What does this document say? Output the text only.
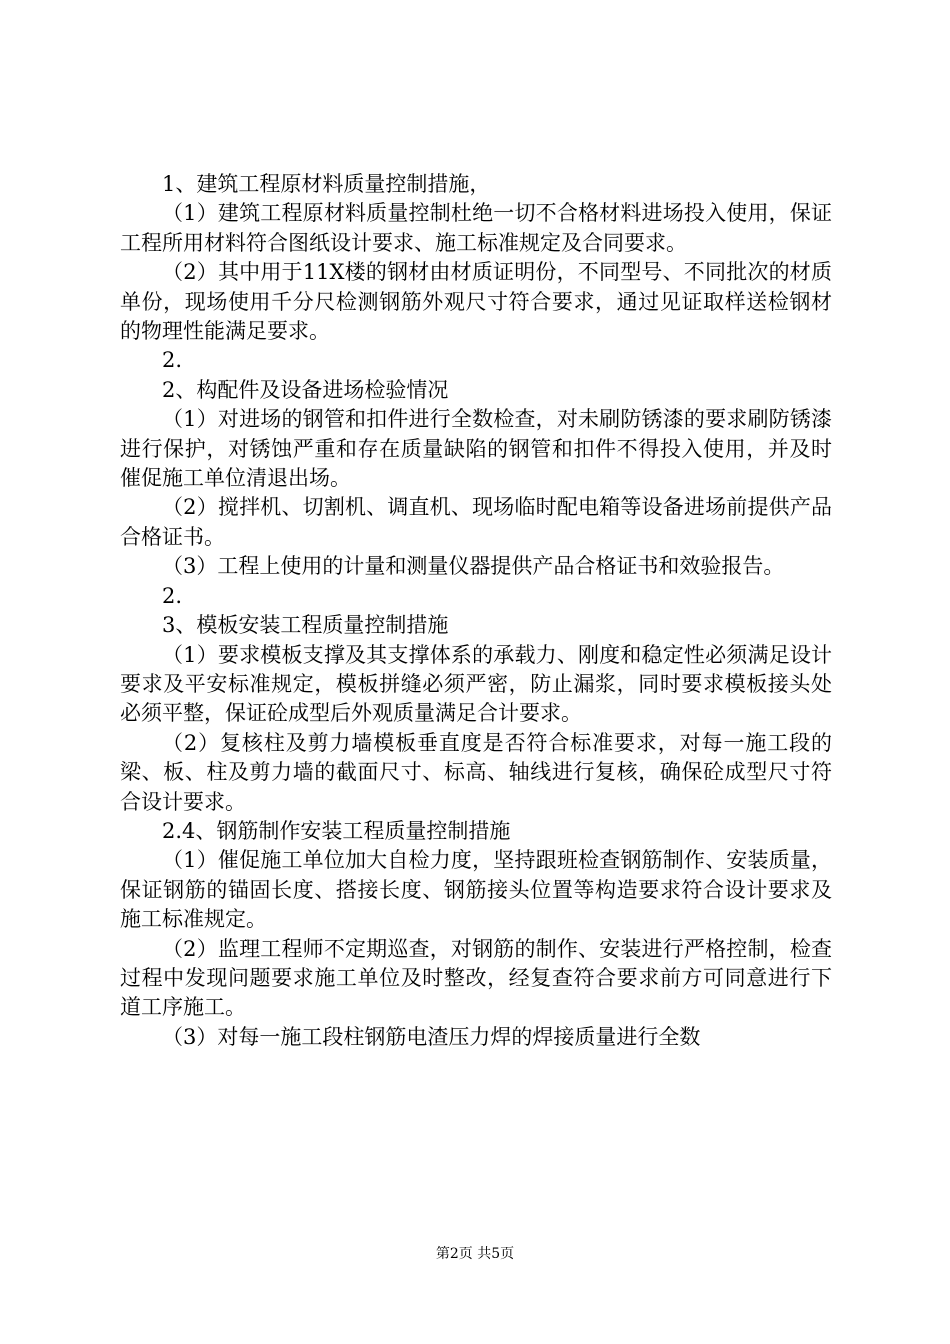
1、建筑工程原材料质量控制措施，

（1）建筑工程原材料质量控制杜绝一切不合格材料进场投入使用，保证工程所用材料符合图纸设计要求、施工标准规定及合同要求。

（2）其中用于11X楼的钢材由材质证明份，不同型号、不同批次的材质单份，现场使用千分尺检测钢筋外观尺寸符合要求，通过见证取样送检钢材的物理性能满足要求。

2.

2、构配件及设备进场检验情况

（1）对进场的钢管和扣件进行全数检查，对未刷防锈漆的要求刷防锈漆进行保护，对锈蚀严重和存在质量缺陷的钢管和扣件不得投入使用，并及时催促施工单位清退出场。

（2）搅拌机、切割机、调直机、现场临时配电箱等设备进场前提供产品合格证书。

（3）工程上使用的计量和测量仪器提供产品合格证书和效验报告。

2.

3、模板安装工程质量控制措施

（1）要求模板支撑及其支撑体系的承载力、刚度和稳定性必须满足设计要求及平安标准规定，模板拼缝必须严密，防止漏浆，同时要求模板接头处必须平整，保证砼成型后外观质量满足合计要求。

（2）复核柱及剪力墙模板垂直度是否符合标准要求，对每一施工段的梁、板、柱及剪力墙的截面尺寸、标高、轴线进行复核，确保砼成型尺寸符合设计要求。

2.4、钢筋制作安装工程质量控制措施

（1）催促施工单位加大自检力度，坚持跟班检查钢筋制作、安装质量，保证钢筋的锚固长度、搭接长度、钢筋接头位置等构造要求符合设计要求及施工标准规定。

（2）监理工程师不定期巡查，对钢筋的制作、安装进行严格控制，检查过程中发现问题要求施工单位及时整改，经复查符合要求前方可同意进行下道工序施工。

（3）对每一施工段柱钢筋电渣压力焊的焊接质量进行全数

第2页 共5页
